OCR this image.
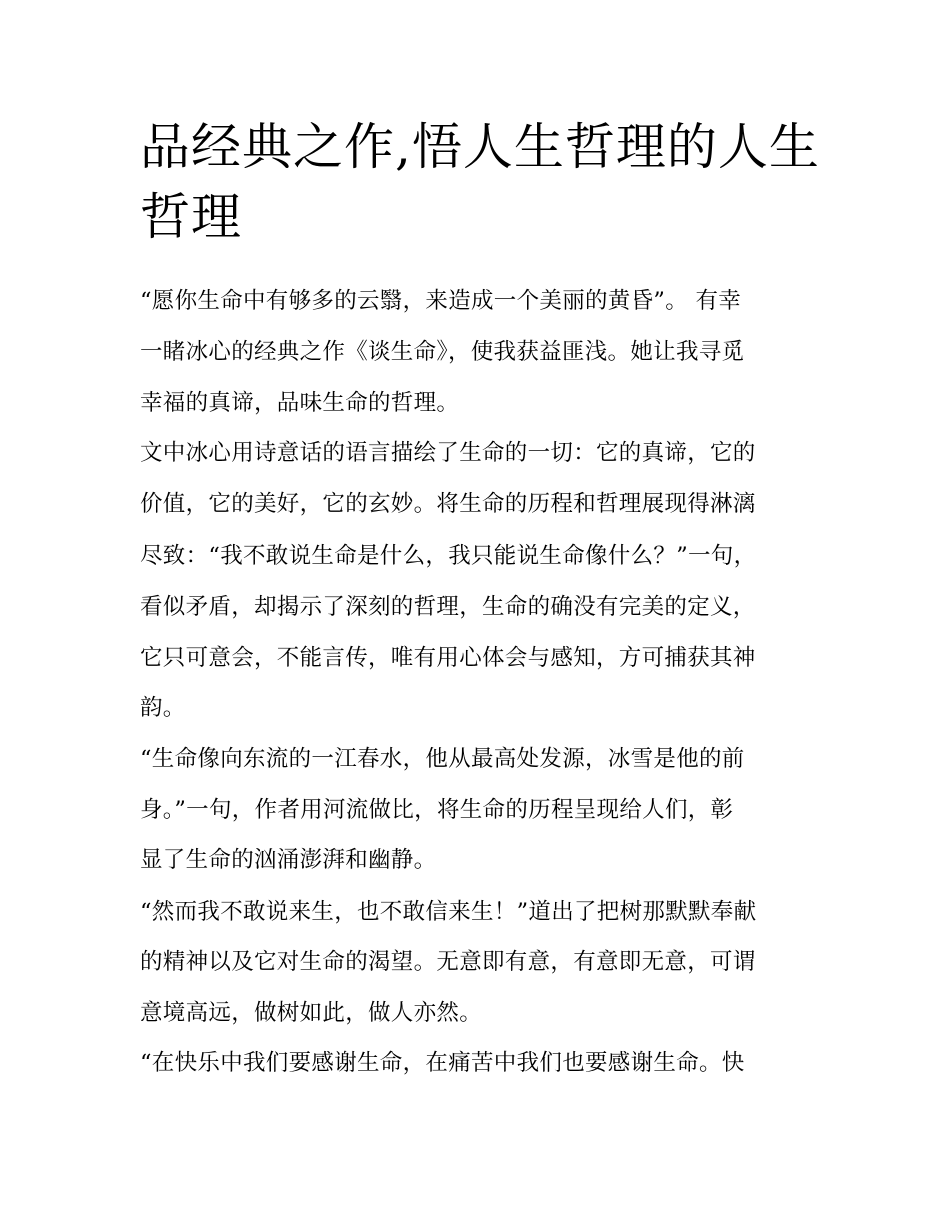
品经典之作,悟人生哲理的人生
哲理
“愿你生命中有够多的云翳，来造成一个美丽的黄昏”。 有幸
一睹冰心的经典之作《谈生命》，使我获益匪浅。她让我寻觅
幸福的真谛，品味生命的哲理。
文中冰心用诗意话的语言描绘了生命的一切：它的真谛，它的
价值，它的美好，它的玄妙。将生命的历程和哲理展现得淋漓
尽致：“我不敢说生命是什么，我只能说生命像什么？”一句，
看似矛盾，却揭示了深刻的哲理，生命的确没有完美的定义，
它只可意会，不能言传，唯有用心体会与感知，方可捕获其神
韵。
“生命像向东流的一江春水，他从最高处发源，冰雪是他的前
身。”一句，作者用河流做比，将生命的历程呈现给人们，彰
显了生命的汹涌澎湃和幽静。
“然而我不敢说来生，也不敢信来生！”道出了把树那默默奉献
的精神以及它对生命的渴望。无意即有意，有意即无意，可谓
意境高远，做树如此，做人亦然。
“在快乐中我们要感谢生命，在痛苦中我们也要感谢生命。快
